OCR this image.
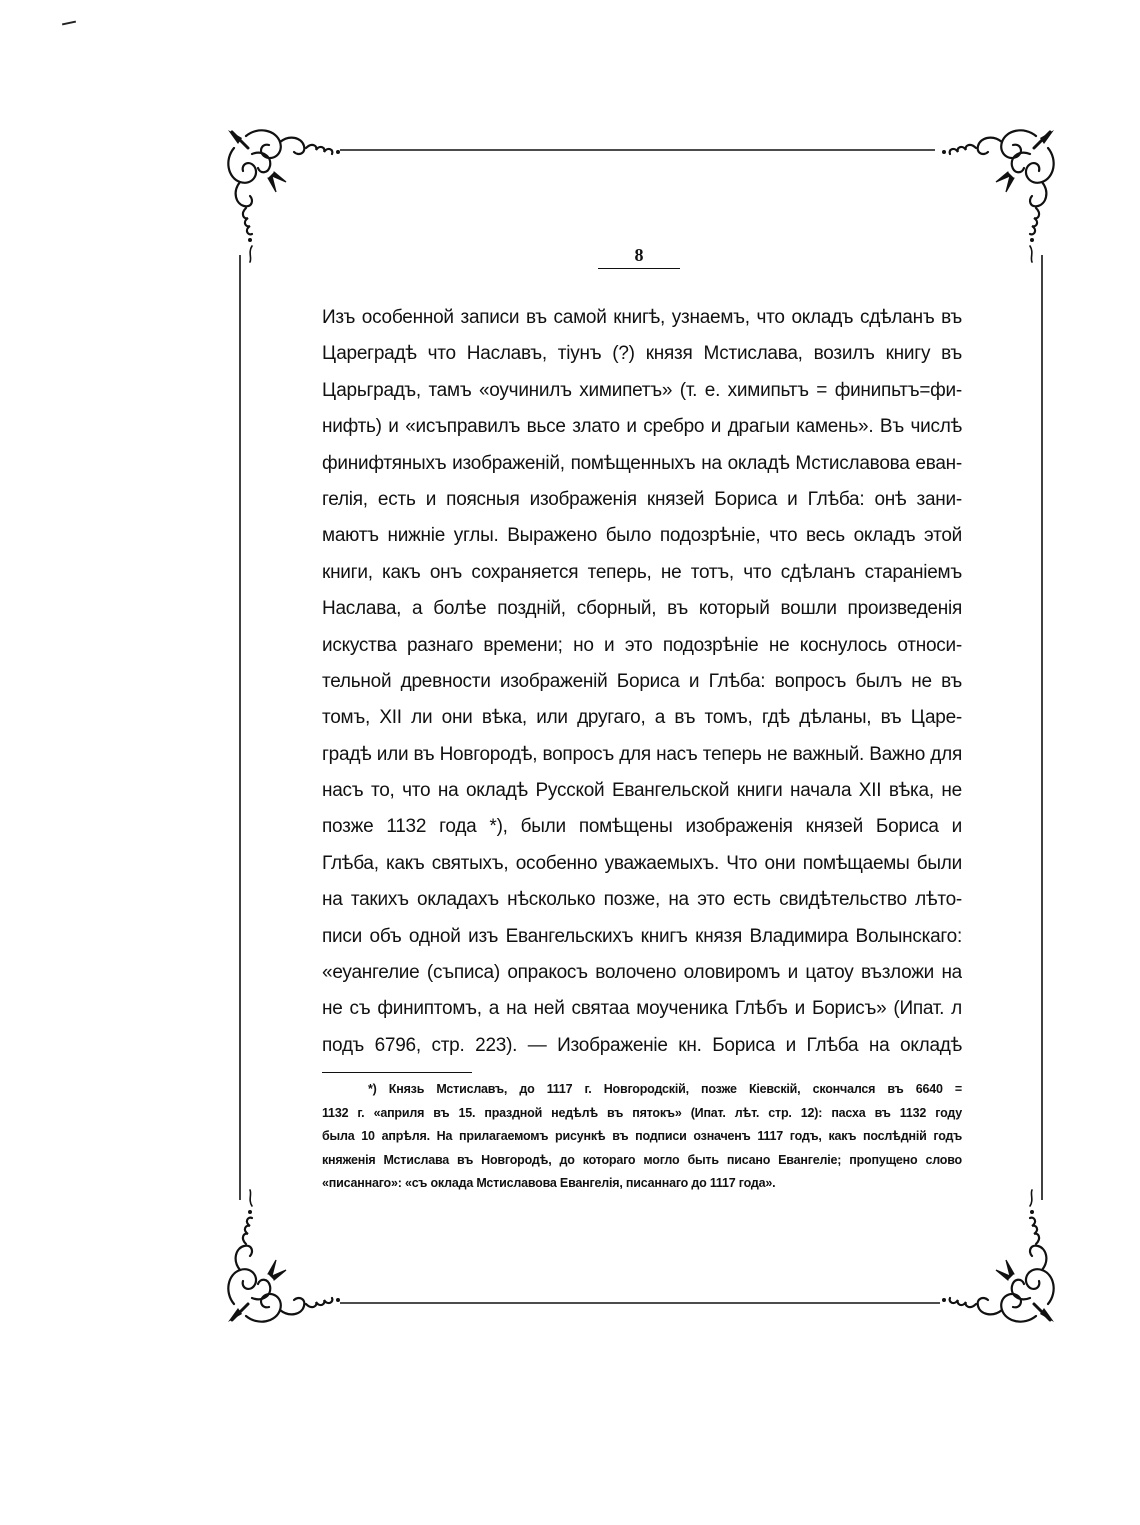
8
Изъ особенной записи въ самой книгѣ, узнаемъ, что окладъ сдѣланъ въ
Цареградѣ что Наславъ, тіунъ (?) князя Мстислава, возилъ книгу въ
Царьградъ, тамъ «оучинилъ химипетъ» (т. е. химипьтъ = финипьтъ=фи-
нифть) и «исъправилъ вьсе злато и сребро и драгыи камень». Въ числѣ
финифтяныхъ изображеній, помѣщенныхъ на окладѣ Мстиславова еван-
гелія, есть и поясныя изображенія князей Бориса и Глѣба: онѣ зани-
маютъ нижніе углы. Выражено было подозрѣніе, что весь окладъ этой
книги, какъ онъ сохраняется теперь, не тотъ, что сдѣланъ стараніемъ
Наслава, а болѣе поздній, сборный, въ который вошли произведенія
искуства разнаго времени; но и это подозрѣніе не коснулось относи-
тельной древности изображеній Бориса и Глѣба: вопросъ былъ не въ
томъ, XII ли они вѣка, или другаго, а въ томъ, гдѣ дѣланы, въ Царе-
градѣ или въ Новгородѣ, вопросъ для насъ теперь не важный. Важно для
насъ то, что на окладѣ Русской Евангельской книги начала XII вѣка, не
позже 1132 года *), были помѣщены изображенія князей Бориса и
Глѣба, какъ святыхъ, особенно уважаемыхъ. Что они помѣщаемы были
на такихъ окладахъ нѣсколько позже, на это есть свидѣтельство лѣто-
писи объ одной изъ Евангельскихъ книгъ князя Владимира Волынскаго:
«еуангелие (съписа) опракосъ волочено оловиромъ и цатоу възложи на
не съ финиптомъ, а на ней святаа моученика Глѣбъ и Борисъ» (Ипат. л
подъ 6796, стр. 223). — Изображеніе кн. Бориса и Глѣба на окладѣ
*) Князь Мстиславъ, до 1117 г. Новгородскій, позже Кіевскій, скончался въ 6640 =
1132 г. «априля въ 15. праздной недѣлѣ въ пятокъ» (Ипат. лѣт. стр. 12): пасха въ 1132 году
была 10 апрѣля. На прилагаемомъ рисункѣ въ подписи означенъ 1117 годъ, какъ послѣдній годъ
княженія Мстислава въ Новгородѣ, до котораго могло быть писано Евангеліе; пропущено слово
«писаннаго»: «съ оклада Мстиславова Евангелія, писаннаго до 1117 года».
